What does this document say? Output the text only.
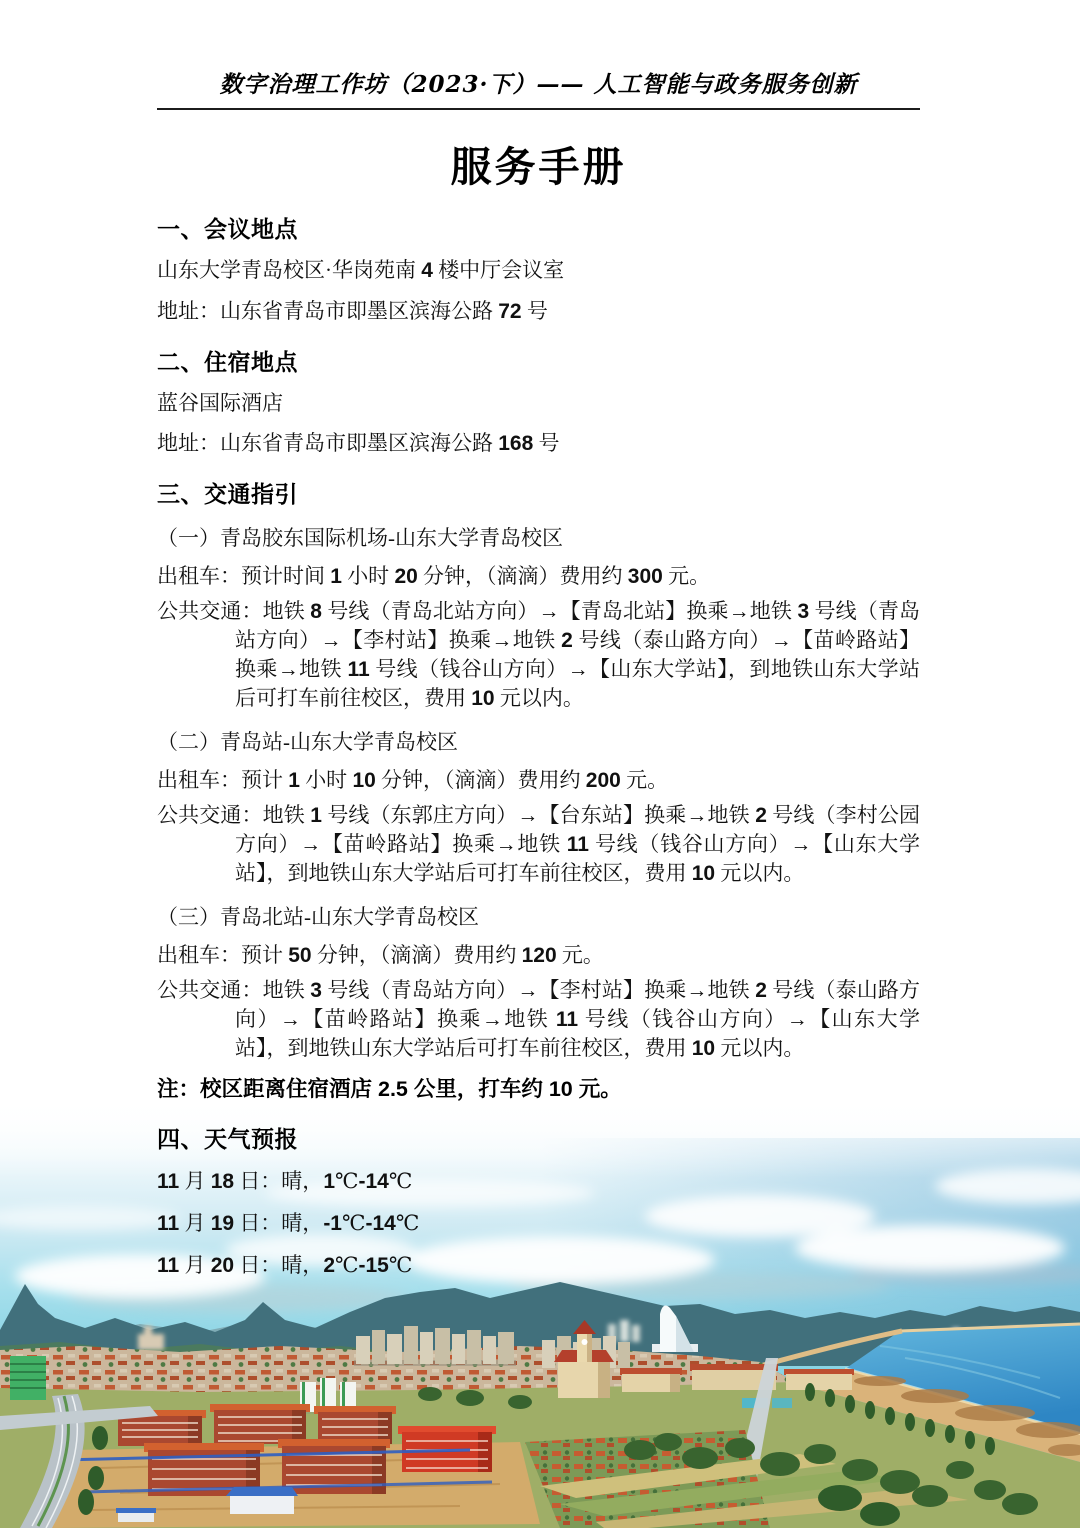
数字治理工作坊（2023·下）—— 人工智能与政务服务创新
服务手册
一、会议地点

山东大学青岛校区·华岗苑南 4 楼中厅会议室

地址：山东省青岛市即墨区滨海公路 72 号

二、住宿地点

蓝谷国际酒店

地址：山东省青岛市即墨区滨海公路 168 号

三、交通指引

（一）青岛胶东国际机场-山东大学青岛校区

出租车：预计时间 1 小时 20 分钟，（滴滴）费用约 300 元。

公共交通：地铁 8 号线（青岛北站方向）→【青岛北站】换乘→地铁 3 号线（青岛站方向）→【李村站】换乘→地铁 2 号线（泰山路方向）→【苗岭路站】换乘→地铁 11 号线（钱谷山方向）→【山东大学站】，到地铁山东大学站后可打车前往校区，费用 10 元以内。

（二）青岛站-山东大学青岛校区

出租车：预计 1 小时 10 分钟，（滴滴）费用约 200 元。

公共交通：地铁 1 号线（东郭庄方向）→【台东站】换乘→地铁 2 号线（李村公园方向）→【苗岭路站】换乘→地铁 11 号线（钱谷山方向）→【山东大学站】，到地铁山东大学站后可打车前往校区，费用 10 元以内。

（三）青岛北站-山东大学青岛校区

出租车：预计 50 分钟，（滴滴）费用约 120 元。

公共交通：地铁 3 号线（青岛站方向）→【李村站】换乘→地铁 2 号线（泰山路方向）→【苗岭路站】换乘→地铁 11 号线（钱谷山方向）→【山东大学站】，到地铁山东大学站后可打车前往校区，费用 10 元以内。

注：校区距离住宿酒店 2.5 公里，打车约 10 元。

四、天气预报

11 月 18 日：晴，1℃-14℃

11 月 19 日：晴，-1℃-14℃

11 月 20 日：晴，2℃-15℃
